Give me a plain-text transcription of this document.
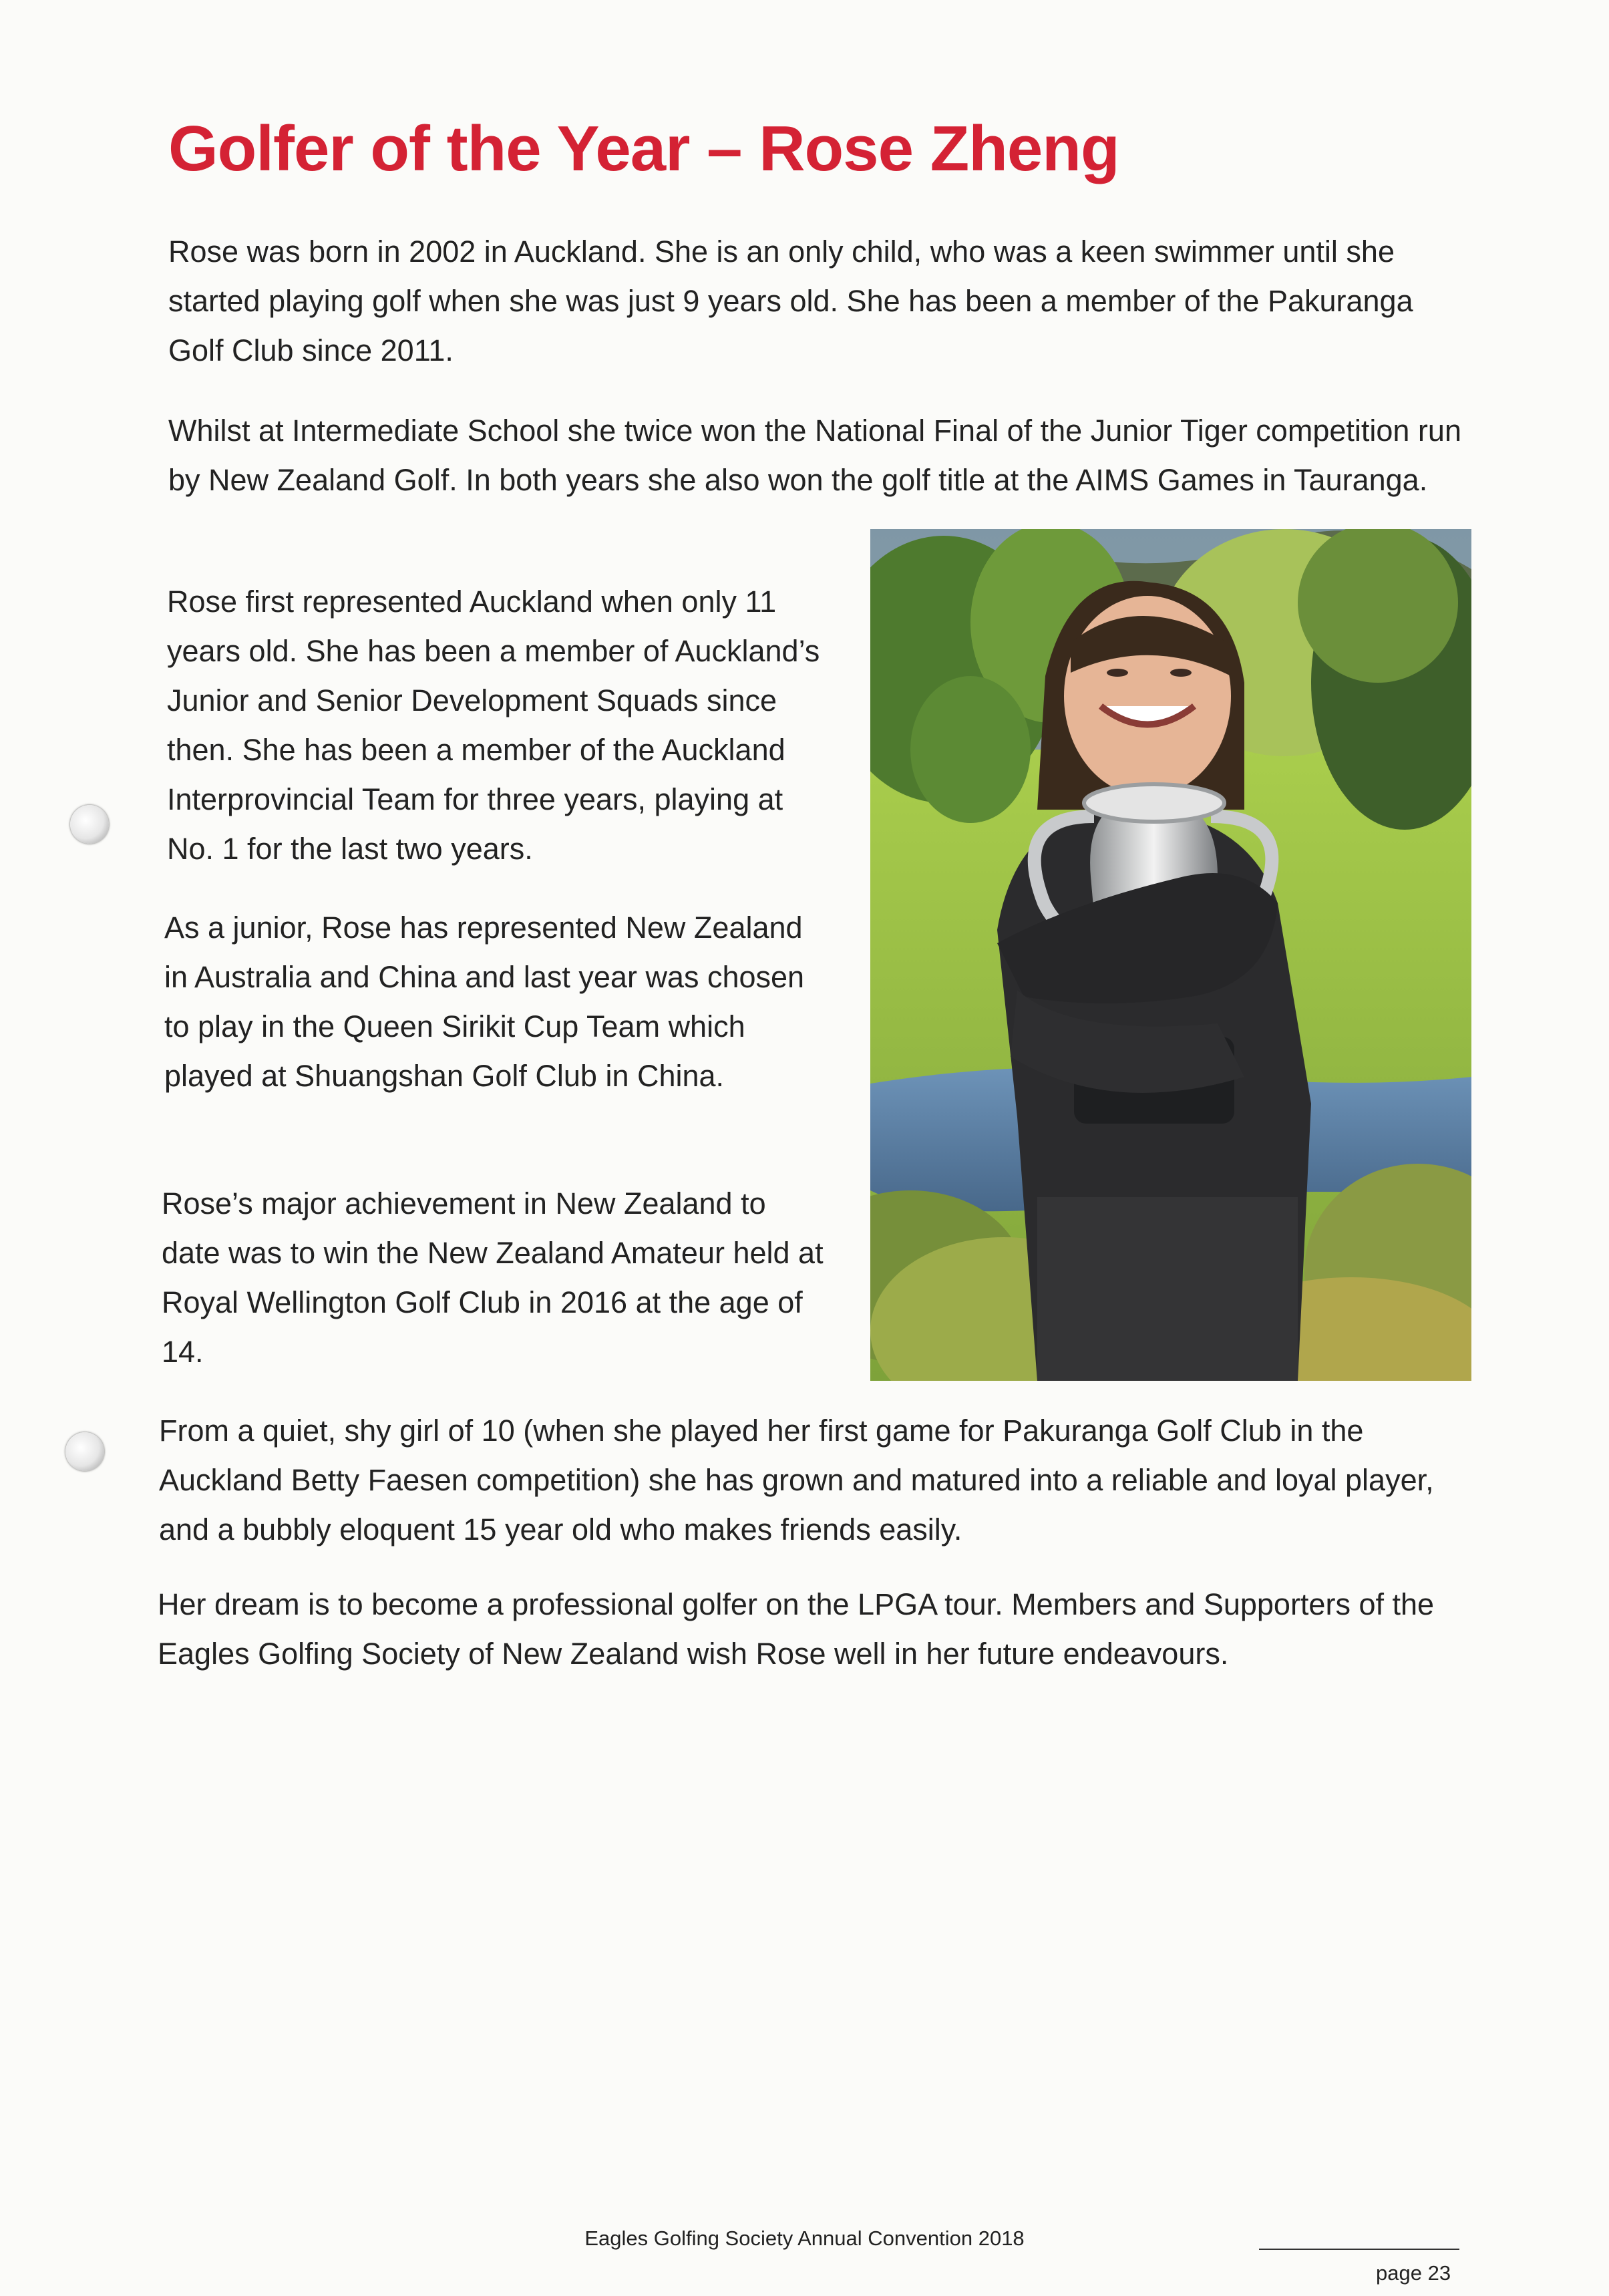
Golfer of the Year – Rose Zheng

Rose was born in 2002 in Auckland. She is an only child, who was a keen swimmer until she started playing golf when she was just 9 years old. She has been a member of the Pakuranga Golf Club since 2011.

Whilst at Intermediate School she twice won the National Final of the Junior Tiger competition run by New Zealand Golf. In both years she also won the golf title at the AIMS Games in Tauranga.

Rose first represented Auckland when only 11 years old. She has been a member of Auckland’s Junior and Senior Development Squads since then. She has been a member of the Auckland Interprovincial Team for three years, playing at No. 1 for the last two years.

As a junior, Rose has represented New Zealand in Australia and China and last year was chosen to play in the Queen Sirikit Cup Team which played at Shuangshan Golf Club in China.

Rose’s major achievement in New Zealand to date was to win the New Zealand Amateur held at Royal Wellington Golf Club in 2016 at the age of 14.

From a quiet, shy girl of 10 (when she played her first game for Pakuranga Golf Club in the Auckland Betty Faesen competition) she has grown and matured into a reliable and loyal player, and a bubbly eloquent 15 year old who makes friends easily.

Her dream is to become a professional golfer on the LPGA tour. Members and Supporters of the Eagles Golfing Society of New Zealand wish Rose well in her future endeavours.

Eagles Golfing Society Annual Convention 2018
page 23
